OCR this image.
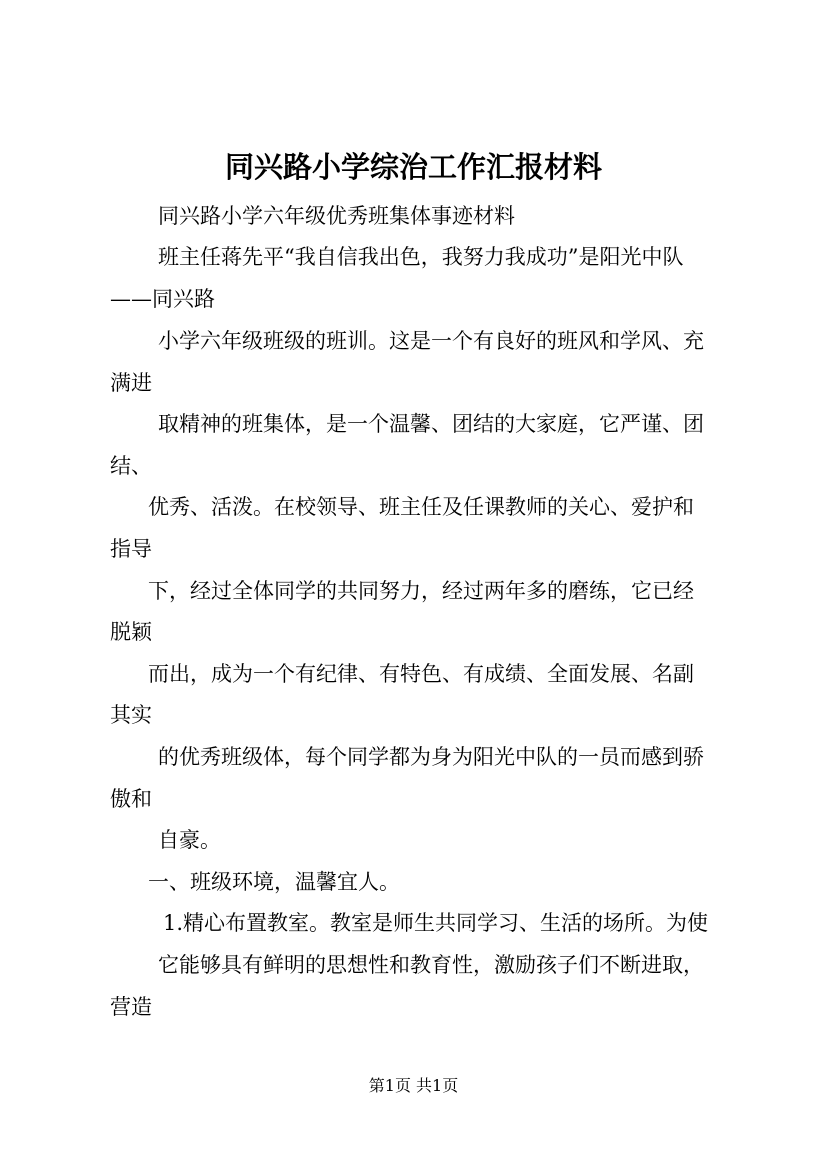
同兴路小学综治工作汇报材料
同兴路小学六年级优秀班集体事迹材料
班主任蒋先平“我自信我出色，我努力我成功”是阳光中队
——同兴路
小学六年级班级的班训。这是一个有良好的班风和学风、充
满进
取精神的班集体，是一个温馨、团结的大家庭，它严谨、团
结、
优秀、活泼。在校领导、班主任及任课教师的关心、爱护和
指导
下，经过全体同学的共同努力，经过两年多的磨练，它已经
脱颖
而出，成为一个有纪律、有特色、有成绩、全面发展、名副
其实
的优秀班级体，每个同学都为身为阳光中队的一员而感到骄
傲和
自豪。
一、班级环境，温馨宜人。
1.精心布置教室。教室是师生共同学习、生活的场所。为使
它能够具有鲜明的思想性和教育性，激励孩子们不断进取，
营造
第1页 共1页
